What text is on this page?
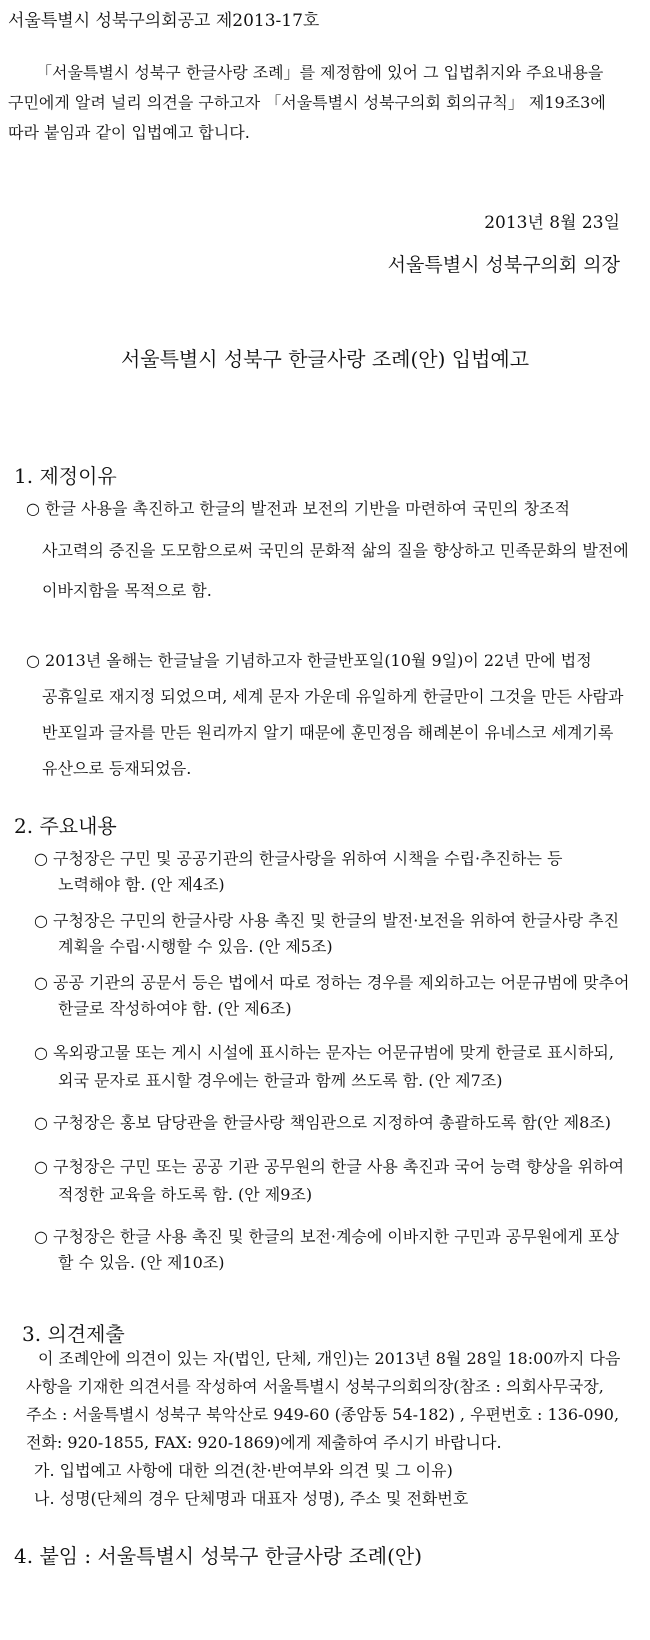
서울특별시 성북구의회공고 제2013-17호
「서울특별시 성북구 한글사랑 조례」를 제정함에 있어 그 입법취지와 주요내용을
구민에게 알려 널리 의견을 구하고자 「서울특별시 성북구의회 회의규칙」 제19조3에
따라 붙임과 같이 입법예고 합니다.
2013년 8월 23일
서울특별시 성북구의회 의장
서울특별시 성북구 한글사랑 조례(안) 입법예고
1. 제정이유
○ 한글 사용을 촉진하고 한글의 발전과 보전의 기반을 마련하여 국민의 창조적
사고력의 증진을 도모함으로써 국민의 문화적 삶의 질을 향상하고 민족문화의 발전에
이바지함을 목적으로 함.
○ 2013년 올해는 한글날을 기념하고자 한글반포일(10월 9일)이 22년 만에 법정
공휴일로 재지정 되었으며, 세계 문자 가운데 유일하게 한글만이 그것을 만든 사람과
반포일과 글자를 만든 원리까지 알기 때문에 훈민정음 해례본이 유네스코 세계기록
유산으로 등재되었음.
2. 주요내용
○ 구청장은 구민 및 공공기관의 한글사랑을 위하여 시책을 수립·추진하는 등
노력해야 함. (안 제4조)
○ 구청장은 구민의 한글사랑 사용 촉진 및 한글의 발전·보전을 위하여 한글사랑 추진
계획을 수립·시행할 수 있음. (안 제5조)
○ 공공 기관의 공문서 등은 법에서 따로 정하는 경우를 제외하고는 어문규범에 맞추어
한글로 작성하여야 함. (안 제6조)
○ 옥외광고물 또는 게시 시설에 표시하는 문자는 어문규범에 맞게 한글로 표시하되,
외국 문자로 표시할 경우에는 한글과 함께 쓰도록 함. (안 제7조)
○ 구청장은 홍보 담당관을 한글사랑 책임관으로 지정하여 총괄하도록 함(안 제8조)
○ 구청장은 구민 또는 공공 기관 공무원의 한글 사용 촉진과 국어 능력 향상을 위하여
적정한 교육을 하도록 함. (안 제9조)
○ 구청장은 한글 사용 촉진 및 한글의 보전·계승에 이바지한 구민과 공무원에게 포상
할 수 있음. (안 제10조)
3. 의견제출
이 조례안에 의견이 있는 자(법인, 단체, 개인)는 2013년 8월 28일 18:00까지 다음
사항을 기재한 의견서를 작성하여 서울특별시 성북구의회의장(참조 : 의회사무국장,
주소 : 서울특별시 성북구 북악산로 949-60 (종암동 54-182) , 우편번호 : 136-090,
전화: 920-1855, FAX: 920-1869)에게 제출하여 주시기 바랍니다.
가. 입법예고 사항에 대한 의견(찬·반여부와 의견 및 그 이유)
나. 성명(단체의 경우 단체명과 대표자 성명), 주소 및 전화번호
4. 붙임 : 서울특별시 성북구 한글사랑 조례(안)
